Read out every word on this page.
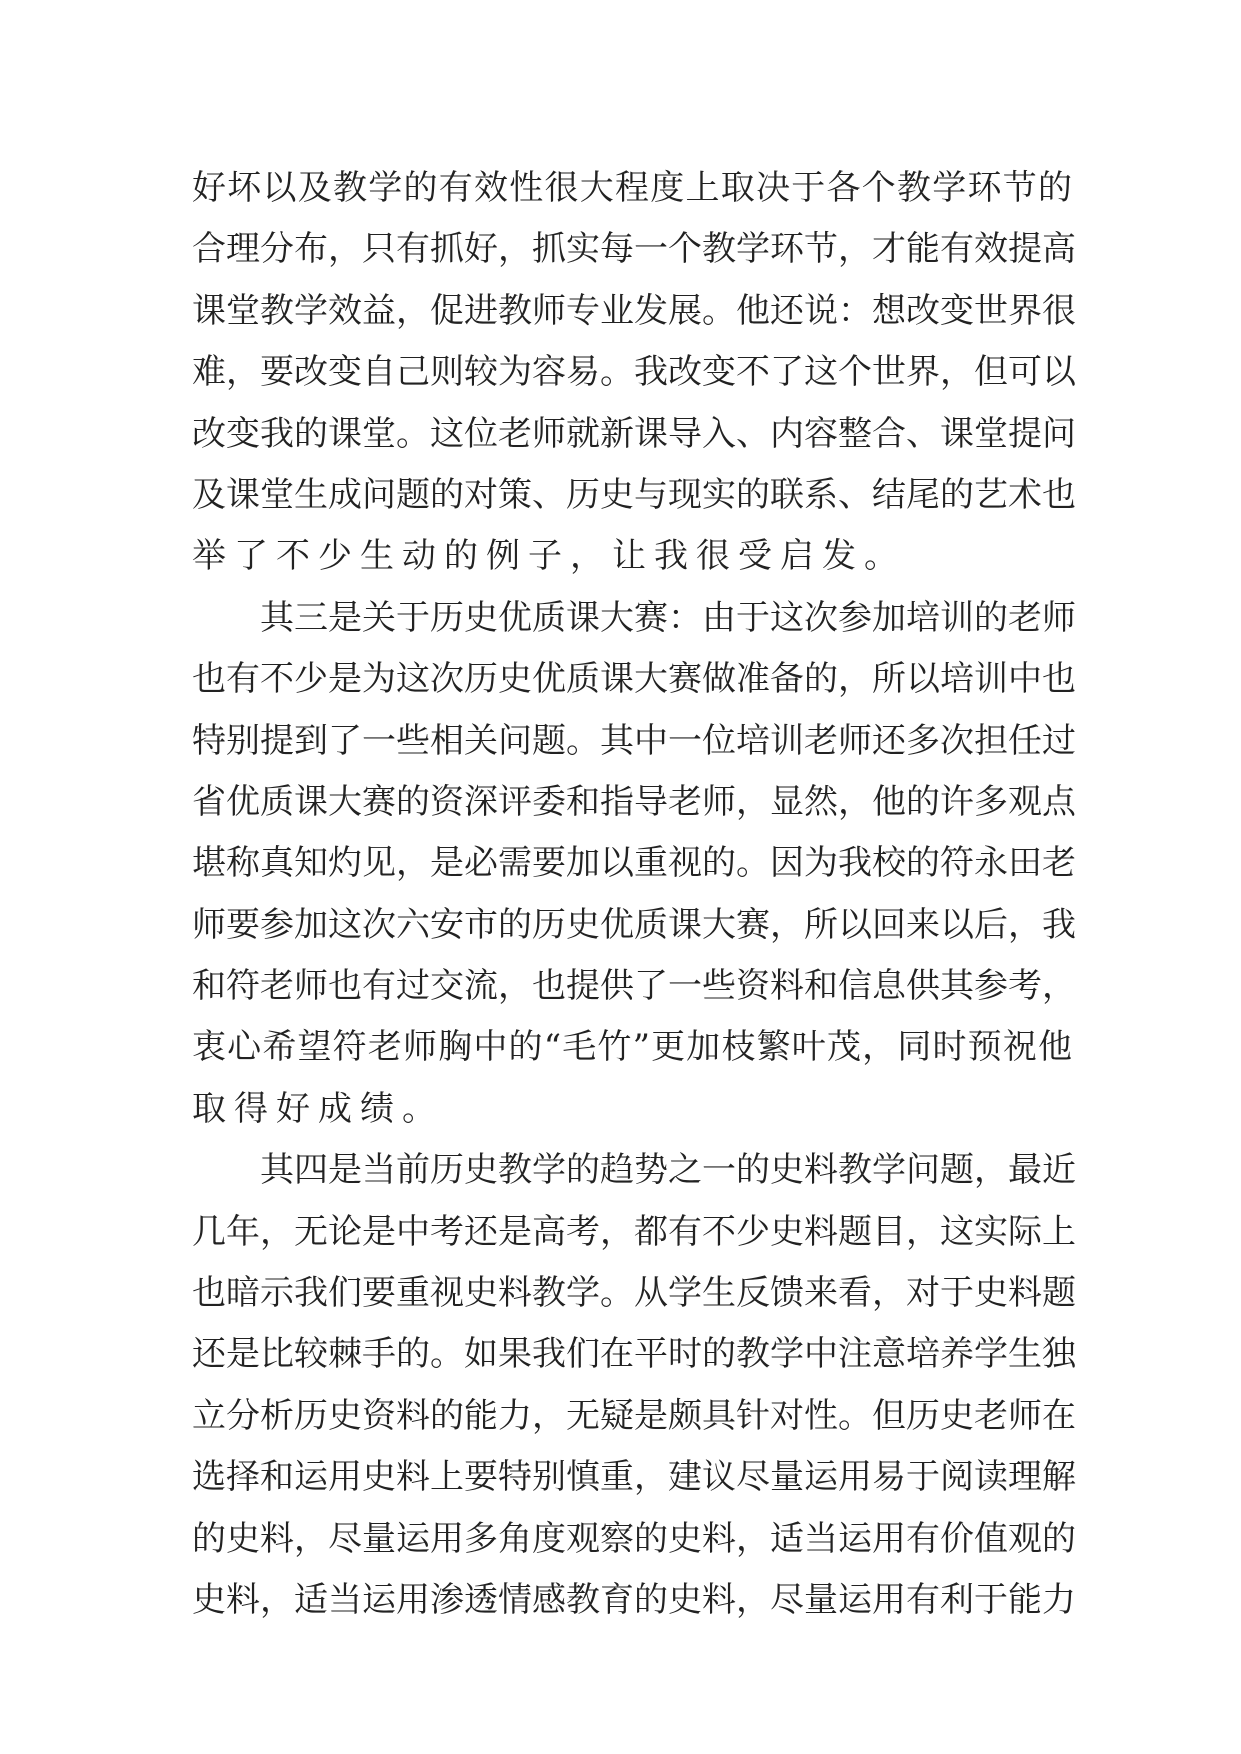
好坏以及教学的有效性很大程度上取决于各个教学环节的
合理分布，只有抓好，抓实每一个教学环节，才能有效提高
课堂教学效益，促进教师专业发展。他还说：想改变世界很
难，要改变自己则较为容易。我改变不了这个世界，但可以
改变我的课堂。这位老师就新课导入、内容整合、课堂提问
及课堂生成问题的对策、历史与现实的联系、结尾的艺术也
举了不少生动的例子，让我很受启发。
其三是关于历史优质课大赛：由于这次参加培训的老师
也有不少是为这次历史优质课大赛做准备的，所以培训中也
特别提到了一些相关问题。其中一位培训老师还多次担任过
省优质课大赛的资深评委和指导老师，显然，他的许多观点
堪称真知灼见，是必需要加以重视的。因为我校的符永田老
师要参加这次六安市的历史优质课大赛，所以回来以后，我
和符老师也有过交流，也提供了一些资料和信息供其参考，
衷心希望符老师胸中的“毛竹”更加枝繁叶茂，同时预祝他
取得好成绩。
其四是当前历史教学的趋势之一的史料教学问题，最近
几年，无论是中考还是高考，都有不少史料题目，这实际上
也暗示我们要重视史料教学。从学生反馈来看，对于史料题
还是比较棘手的。如果我们在平时的教学中注意培养学生独
立分析历史资料的能力，无疑是颇具针对性。但历史老师在
选择和运用史料上要特别慎重，建议尽量运用易于阅读理解
的史料，尽量运用多角度观察的史料，适当运用有价值观的
史料，适当运用渗透情感教育的史料，尽量运用有利于能力
